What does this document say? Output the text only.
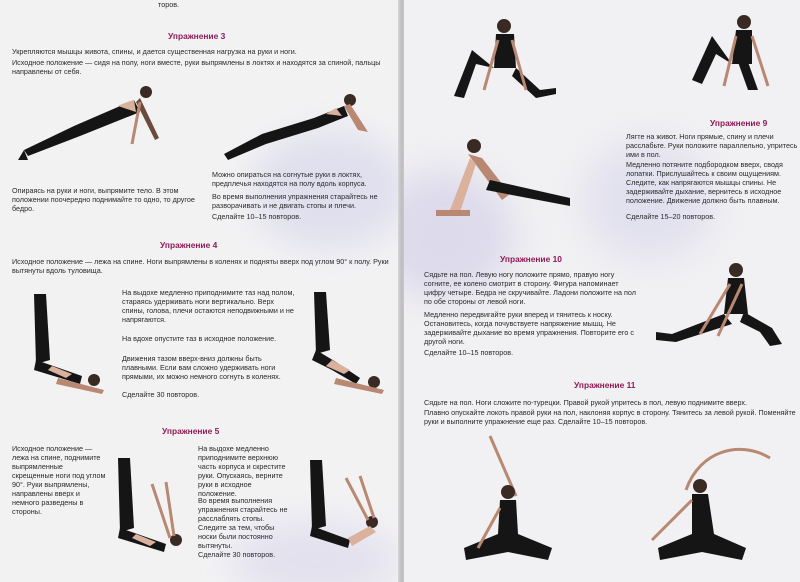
торов.

Упражнение 3

Укрепляются мышцы живота, спины, и дается существенная нагрузка на руки и ноги.

Исходное положение — сидя на полу, ноги вместе, руки выпрямлены в локтях и находятся за спиной, пальцы направлены от себя.

Опираясь на руки и ноги, выпрямите тело. В этом положении поочередно поднимайте то одно, то другое бедро.

Можно опираться на согнутые руки в локтях, предплечья находятся на полу вдоль корпуса.

Во время выполнения упражнения старайтесь не разворачивать и не двигать стопы и плечи.

Сделайте 10–15 повторов.

Упражнение 4

Исходное положение — лежа на спине. Ноги выпрямлены в коленях и подняты вверх под углом 90° к полу. Руки вытянуты вдоль туловища.

На выдохе медленно приподнимите таз над полом, стараясь удерживать ноги вертикально. Верх спины, голова, плечи остаются неподвижными и не напрягаются.

На вдохе опустите таз в исходное положение.

Движения тазом вверх-вниз должны быть плавными. Если вам сложно удерживать ноги прямыми, их можно немного согнуть в коленях.

Сделайте 30 повторов.

Упражнение 5

Исходное положение — лежа на спине, поднимите выпрямленные скрещенные ноги под углом 90°. Руки выпрямлены, направлены вверх и немного разведены в стороны.

На выдохе медленно приподнимите верхнюю часть корпуса и скрестите руки. Опускаясь, верните руки в исходное положение.

Во время выполнения упражнения старайтесь не расслаблять стопы. Следите за тем, чтобы носки были постоянно вытянуты.

Сделайте 30 повторов.

Упражнение 9

Лягте на живот. Ноги прямые, спину и плечи расслабьте. Руки положите параллельно, упритесь ими в пол.

Медленно потяните подбородком вверх, сводя лопатки. Прислушайтесь к своим ощущениям. Следите, как напрягаются мышцы спины. Не задерживайте дыхание, вернитесь в исходное положение. Движение должно быть плавным.

Сделайте 15–20 повторов.

Упражнение 10

Сядьте на пол. Левую ногу положите прямо, правую ногу согните, ее колено смотрит в сторону. Фигура напоминает цифру четыре. Бедра не скручивайте. Ладони положите на пол по обе стороны от левой ноги.

Медленно передвигайте руки вперед и тянитесь к носку. Остановитесь, когда почувствуете напряжение мышц. Не задерживайте дыхание во время упражнения. Повторите его с другой ноги.

Сделайте 10–15 повторов.

Упражнение 11

Сядьте на пол. Ноги сложите по-турецки. Правой рукой упритесь в пол, левую поднимите вверх.

Плавно опускайте локоть правой руки на пол, наклоняя корпус в сторону. Тянитесь за левой рукой. Поменяйте руки и выполните упражнение еще раз. Сделайте 10–15 повторов.
